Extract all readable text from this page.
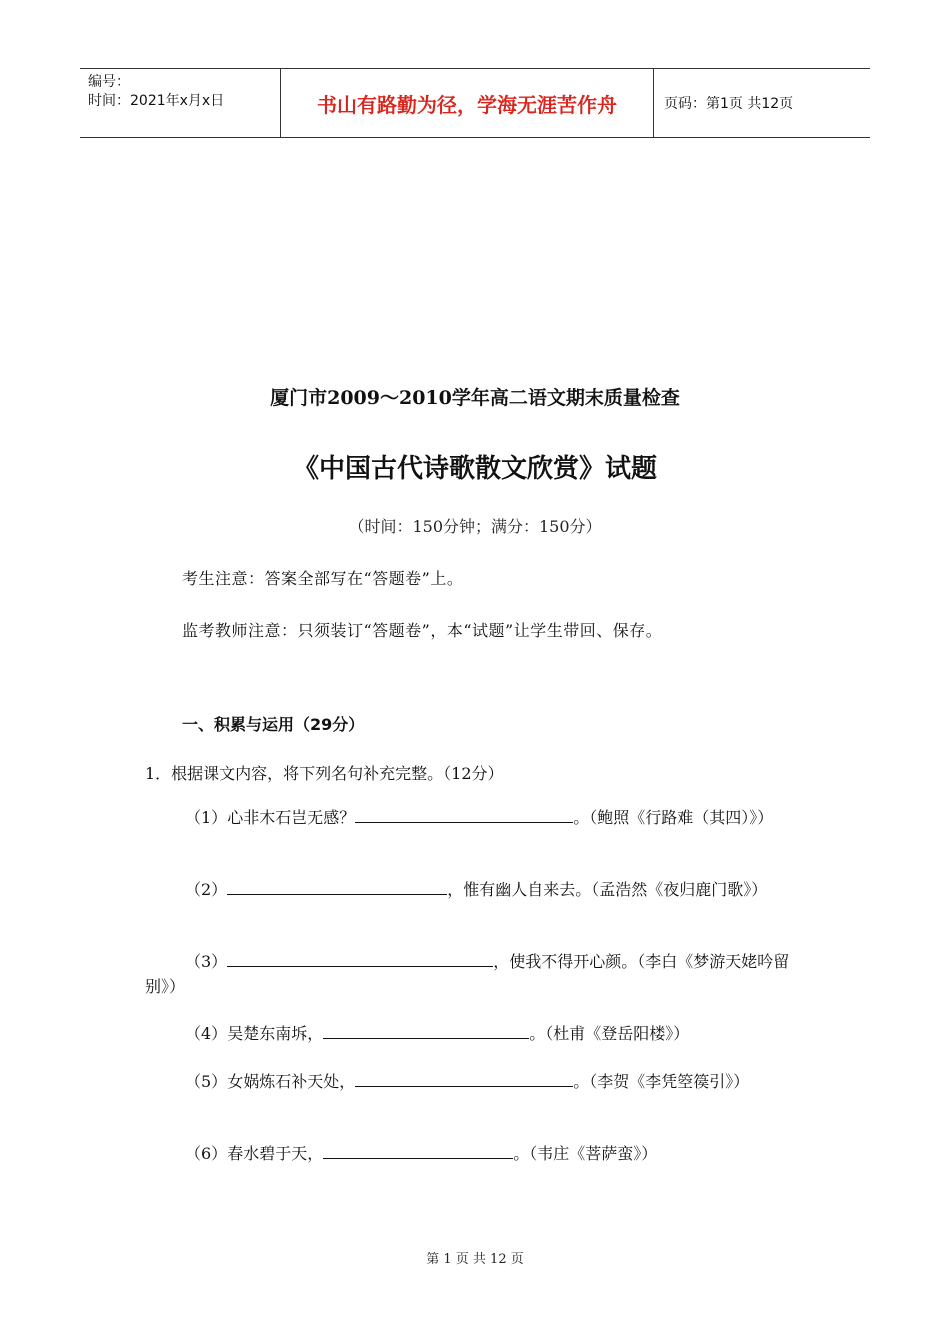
编号：
时间：2021年x月x日	书山有路勤为径，学海无涯苦作舟	页码：第1页 共12页
厦门市2009～2010学年高二语文期末质量检查
《中国古代诗歌散文欣赏》试题
（时间：150分钟；满分：150分）
考生注意：答案全部写在“答题卷”上。
监考教师注意：只须装订“答题卷”，本“试题”让学生带回、保存。
一、积累与运用（29分）
1．根据课文内容，将下列名句补充完整。（12分）
（1）心非木石岂无感？	。（鲍照《行路难（其四）》）
（2）	，惟有幽人自来去。（孟浩然《夜归鹿门歌》）
（3）	，使我不得开心颜。（李白《梦游天姥吟留别》）
（4）吴楚东南坼，	。（杜甫《登岳阳楼》）
（5）女娲炼石补天处，	。（李贺《李凭箜篌引》）
（6）春水碧于天，	。（韦庄《菩萨蛮》）
第 1 页 共 12 页
